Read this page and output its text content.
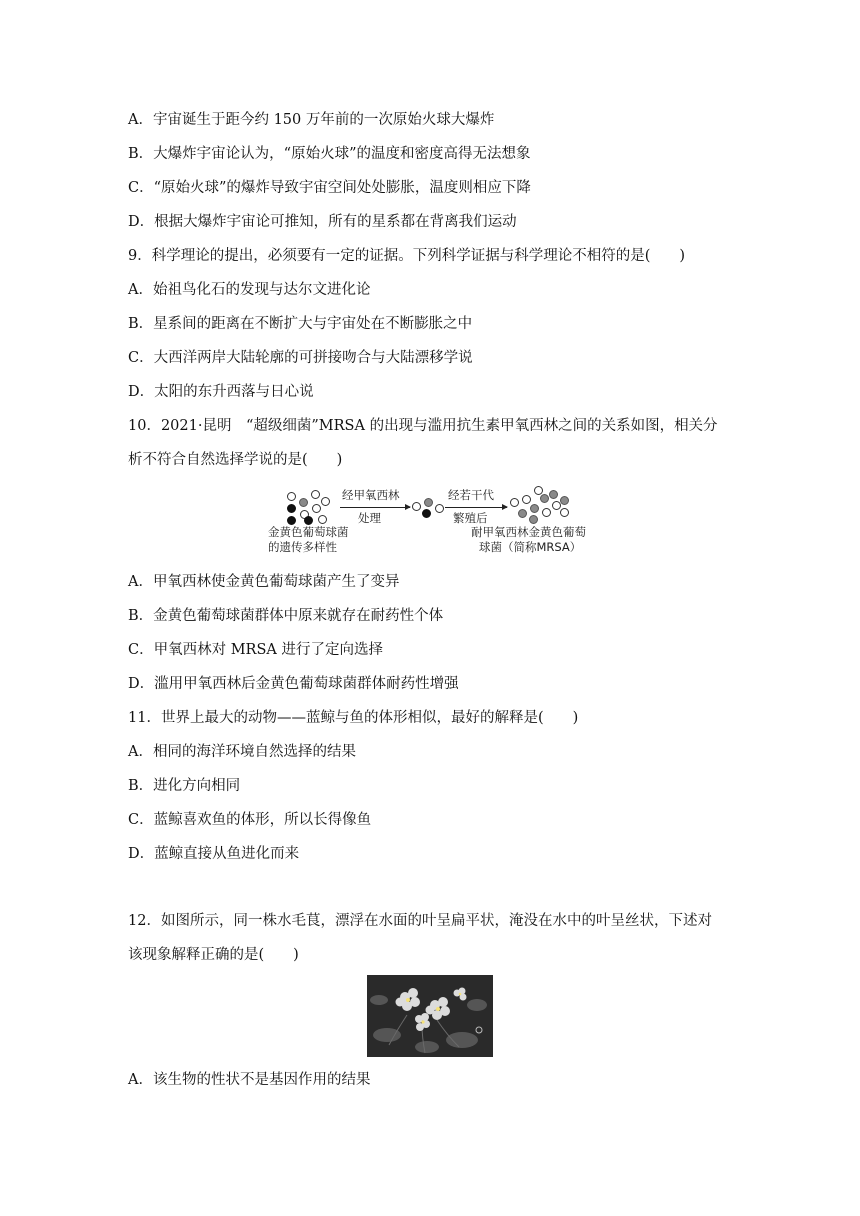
A．宇宙诞生于距今约 150 万年前的一次原始火球大爆炸
B．大爆炸宇宙论认为，“原始火球”的温度和密度高得无法想象
C．“原始火球”的爆炸导致宇宙空间处处膨胀，温度则相应下降
D．根据大爆炸宇宙论可推知，所有的星系都在背离我们运动
9．科学理论的提出，必须要有一定的证据。下列科学证据与科学理论不相符的是(　　)
A．始祖鸟化石的发现与达尔文进化论
B．星系间的距离在不断扩大与宇宙处在不断膨胀之中
C．大西洋两岸大陆轮廓的可拼接吻合与大陆漂移学说
D．太阳的东升西落与日心说
10．2021·昆明　“超级细菌”MRSA 的出现与滥用抗生素甲氧西林之间的关系如图，相关分
析不符合自然选择学说的是(　　)
经甲氧西林
处理
经若干代
繁殖后
金黄色葡萄球菌
的遗传多样性
耐甲氧西林金黄色葡萄
球菌（简称MRSA）
A．甲氧西林使金黄色葡萄球菌产生了变异
B．金黄色葡萄球菌群体中原来就存在耐药性个体
C．甲氧西林对 MRSA 进行了定向选择
D．滥用甲氧西林后金黄色葡萄球菌群体耐药性增强
11．世界上最大的动物——蓝鲸与鱼的体形相似，最好的解释是(　　)
A．相同的海洋环境自然选择的结果
B．进化方向相同
C．蓝鲸喜欢鱼的体形，所以长得像鱼
D．蓝鲸直接从鱼进化而来
12．如图所示，同一株水毛茛，漂浮在水面的叶呈扁平状，淹没在水中的叶呈丝状，下述对
该现象解释正确的是(　　)
A．该生物的性状不是基因作用的结果
